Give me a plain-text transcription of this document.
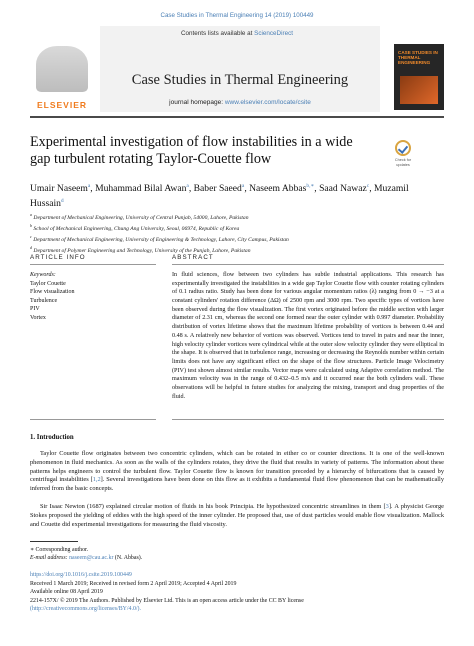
Case Studies in Thermal Engineering 14 (2019) 100449
ELSEVIER
Contents lists available at ScienceDirect
Case Studies in Thermal Engineering
journal homepage: www.elsevier.com/locate/csite
CASE STUDIES IN THERMAL ENGINEERING
Experimental investigation of flow instabilities in a wide gap turbulent rotating Taylor-Couette flow	Check for updates
Umair Naseem$^a$, Muhammad Bilal Awan$^a$, Baber Saeed$^a$, Naseem Abbas$^{b,∗}$, Saad Nawaz$^c$, Muzamil Hussain$^d$
$^a$ Department of Mechanical Engineering, University of Central Punjab, 54000, Lahore, Pakistan
$^b$ School of Mechanical Engineering, Chung Ang University, Seoul, 06974, Republic of Korea
$^c$ Department of Mechanical Engineering, University of Engineering & Technology, Lahore, City Campus, Pakistan
$^d$ Department of Polymer Engineering and Technology, University of the Punjab, Lahore, Pakistan
ARTICLE INFO	ABSTRACT
Keywords:
Taylor Couette
Flow visualization
Turbulence
PIV
Vortex
In fluid sciences, flow between two cylinders has subtle industrial applications. This research has experimentally investigated the instabilities in a wide gap Taylor Couette flow with counter rotating cylinders of 0.1 radius ratio. Study has been done for various angular momentum ratios (λ) ranging from 0 → −3 at a constant cylinders' rotation difference (ΔΩ) of 2500 rpm and 3000 rpm. Two specific types of vortices have been observed during the flow visualization. The first vortex originated before the middle section with larger diameter of 2.31 cm, whereas the second one formed near the outer cylinder with 0.997 diameter. Probability distribution of vortex lifetime shows that the maximum lifetime probability of vortices is between 0.44 and 0.48 s. A relatively new behavior of vortices was observed. Vortices tend to travel in pairs and near the inner, high velocity cylinder vortices were cylindrical while at the outer slow velocity cylinder they were elliptical in the shape. It is observed that in turbulence range, increasing or decreasing the Reynolds number within certain limits does not have any significant effect on the shape of the flow structures. Particle Image Velocimetry (PIV) test shown almost similar results. Vector maps were calculated using Adaptive correlation method. The maximum velocity was in the range of 0.432–0.5 m/s and it occurred near the both cylinders wall. These observations will be helpful in future studies for analyzing the mixing, transport and drag properties of the fluid.
1. Introduction
Taylor Couette flow originates between two concentric cylinders, which can be rotated in either co or counter directions. It is one of the well-known phenomenon in fluid mechanics. As soon as the walls of the cylinders rotates, they drive the fluid that results in variety of patterns. The information about these patterns helps engineers to control the turbulent flow. Taylor Couette flow is known for transition preceded by a hierarchy of bifurcations that is caused by centrifugal instabilities [1,2]. Several investigations have been done on this flow as it exhibits a fundamental fluid flow phenomenon that can be mathematically inferred from the basic concepts.
Sir Isaac Newton (1687) explained circular motion of fluids in his book Principia. He hypothesized concentric streamlines in them [3]. A physicist George Stokes proposed the yielding of eddies with the high speed of the inner cylinder. He proposed that, use of dust particles would enable flow visualization. Mallock and Couette did experimental investigations for measuring the fluid viscosity.
∗ Corresponding author.
E-mail address: naseem@cau.ac.kr (N. Abbas).
https://doi.org/10.1016/j.csite.2019.100449
Received 1 March 2019; Received in revised form 2 April 2019; Accepted 4 April 2019
Available online 08 April 2019
2214-157X/ © 2019 The Authors. Published by Elsevier Ltd. This is an open access article under the CC BY license
(http://creativecommons.org/licenses/BY/4.0/).
